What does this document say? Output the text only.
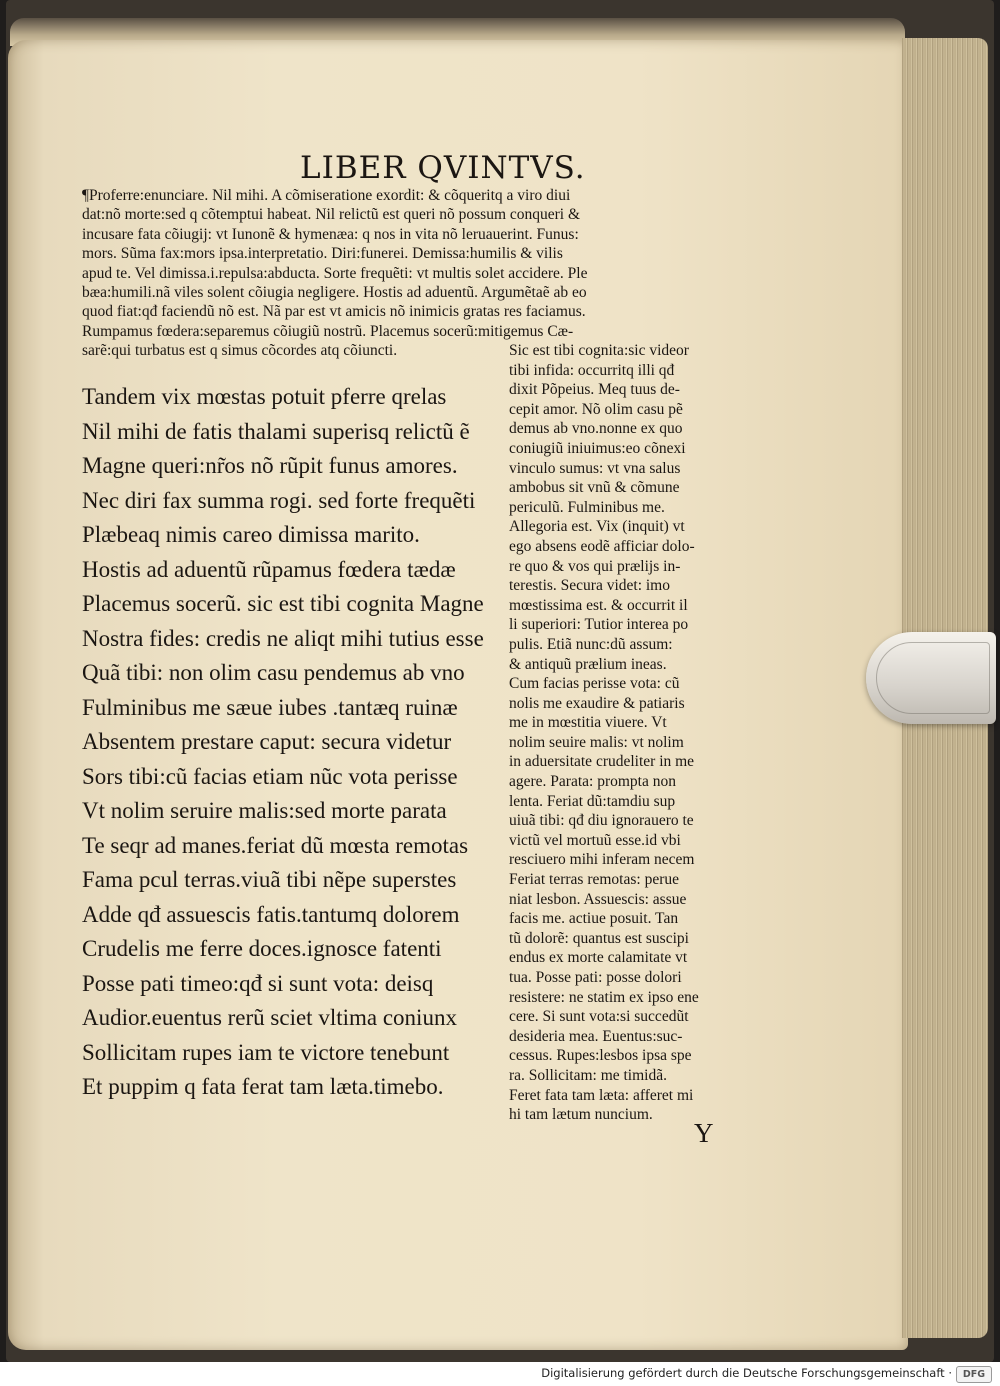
LIBER QVINTVS.
¶Proferre:enunciare. Nil mihi. A cõmiseratione exordit: & cõqueritq a viro diui
dat:nõ morte:sed q cõtemptui habeat. Nil relictũ est queri nõ possum conqueri &
incusare fata cõiugij: vt Iunonẽ & hymenæa: q nos in vita nõ leruauerint. Funus:
mors. Sũma fax:mors ipsa.interpretatio. Diri:funerei. Demissa:humilis & vilis
apud te. Vel dimissa.i.repulsa:abducta. Sorte frequẽti: vt multis solet accidere. Ple
bæa:humili.nã viles solent cõiugia negligere. Hostis ad aduentũ. Argumẽtaẽ ab eo
quod fiat:qđ faciendũ nõ est. Nã par est vt amicis nõ inimicis gratas res faciamus.
Rumpamus fœdera:separemus cõiugiũ nostrũ. Placemus socerũ:mitigemus Cæ-
sarẽ:qui turbatus est q simus cõcordes atq cõiuncti.
Tandem vix mœstas potuit pferre qrelas
Nil mihi de fatis thalami superisq relictũ ẽ
Magne queri:nr̃os nõ rũpit funus amores.
Nec diri fax summa rogi. sed forte frequẽti
Plæbeaq nimis careo dimissa marito.
Hostis ad aduentũ rũpamus fœdera tædæ
Placemus socerũ. sic est tibi cognita Magne
Nostra fides: credis ne aliqt mihi tutius esse
Quã tibi: non olim casu pendemus ab vno
Fulminibus me sæue iubes .tantæq ruinæ
Absentem prestare caput: secura videtur
Sors tibi:cũ facias etiam nũc vota perisse
Vt nolim seruire malis:sed morte parata
Te seqr ad manes.feriat dũ mœsta remotas
Fama pcul terras.viuã tibi nẽpe superstes
Adde qđ assuescis fatis.tantumq dolorem
Crudelis me ferre doces.ignosce fatenti
Posse pati timeo:qđ si sunt vota: deisq
Audior.euentus rerũ sciet vltima coniunx
Sollicitam rupes iam te victore tenebunt
Et puppim q fata ferat tam læta.timebo.
Sic est tibi cognita:sic videor
tibi infida: occurritq illi qđ
dixit Põpeius. Meq tuus de-
cepit amor. Nõ olim casu pẽ
demus ab vno.nonne ex quo
coniugiũ iniuimus:eo cõnexi
vinculo sumus: vt vna salus
ambobus sit vnũ & cõmune
periculũ. Fulminibus me.
Allegoria est. Vix (inquit) vt
ego absens eodẽ afficiar dolo-
re quo & vos qui prælijs in-
terestis. Secura videt: imo
mœstissima est. & occurrit il
li superiori: Tutior interea po
pulis. Etiã nunc:dũ assum:
& antiquũ prælium ineas.
Cum facias perisse vota: cũ
nolis me exaudire & patiaris
me in mœstitia viuere. Vt
nolim seuire malis: vt nolim
in aduersitate crudeliter in me
agere. Parata: prompta non
lenta. Feriat dũ:tamdiu sup
uiuã tibi: qđ diu ignorauero te
victũ vel mortuũ esse.id vbi
resciuero mihi inferam necem
Feriat terras remotas: perue
niat lesbon. Assuescis: assue
facis me. actiue posuit. Tan
tũ dolorẽ: quantus est suscipi
endus ex morte calamitate vt
tua. Posse pati: posse dolori
resistere: ne statim ex ipso ene
cere. Si sunt vota:si succedũt
desideria mea. Euentus:suc-
cessus. Rupes:lesbos ipsa spe
ra. Sollicitam: me timidã.
Feret fata tam læta: afferet mi
hi tam lætum nuncium.
Y
Digitalisierung gefördert durch die Deutsche Forschungsgemeinschaft ·	DFG
